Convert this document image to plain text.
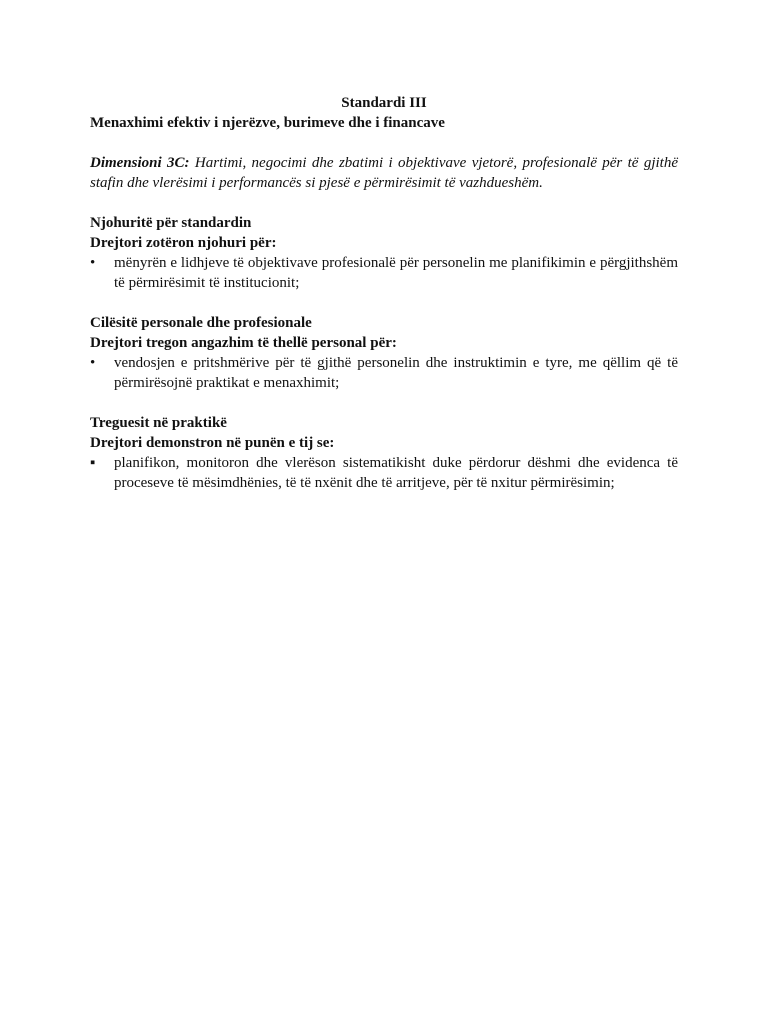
Standardi III

Menaxhimi efektiv i njerëzve, burimeve dhe i financave

Dimensioni 3C: Hartimi, negocimi dhe zbatimi i objektivave vjetorë, profesionalë për të gjithë stafin dhe vlerësimi i performancës si pjesë e përmirësimit të vazhdueshëm.

Njohuritë për standardin

Drejtori zotëron njohuri për:

•	mënyrën e lidhjeve të objektivave profesionalë për personelin me planifikimin e përgjithshëm të përmirësimit të institucionit;

Cilësitë personale dhe profesionale

Drejtori tregon angazhim të thellë personal për:

•	vendosjen e pritshmërive për të gjithë personelin dhe instruktimin e tyre, me qëllim që të përmirësojnë praktikat e menaxhimit;

Treguesit në praktikë

Drejtori demonstron në punën e tij se:

▪	planifikon, monitoron dhe vlerëson sistematikisht duke përdorur dëshmi dhe evidenca të proceseve të mësimdhënies, të të nxënit dhe të arritjeve, për të nxitur përmirësimin;
